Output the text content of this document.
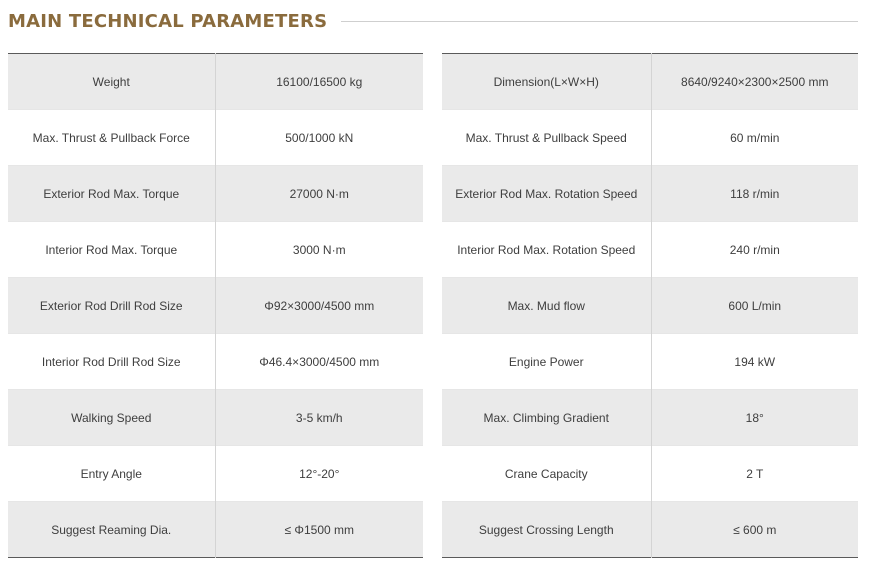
MAIN TECHNICAL PARAMETERS
Weight	16100/16500 kg
Max. Thrust & Pullback Force	500/1000 kN
Exterior Rod Max. Torque	27000 N·m
Interior Rod Max. Torque	3000 N·m
Exterior Rod Drill Rod Size	Φ92×3000/4500 mm
Interior Rod Drill Rod Size	Φ46.4×3000/4500 mm
Walking Speed	3-5 km/h
Entry Angle	12°-20°
Suggest Reaming Dia.	≤ Φ1500 mm
Dimension(L×W×H)	8640/9240×2300×2500 mm
Max. Thrust & Pullback Speed	60 m/min
Exterior Rod Max. Rotation Speed	118 r/min
Interior Rod Max. Rotation Speed	240 r/min
Max. Mud flow	600 L/min
Engine Power	194 kW
Max. Climbing Gradient	18°
Crane Capacity	2 T
Suggest Crossing Length	≤ 600 m
